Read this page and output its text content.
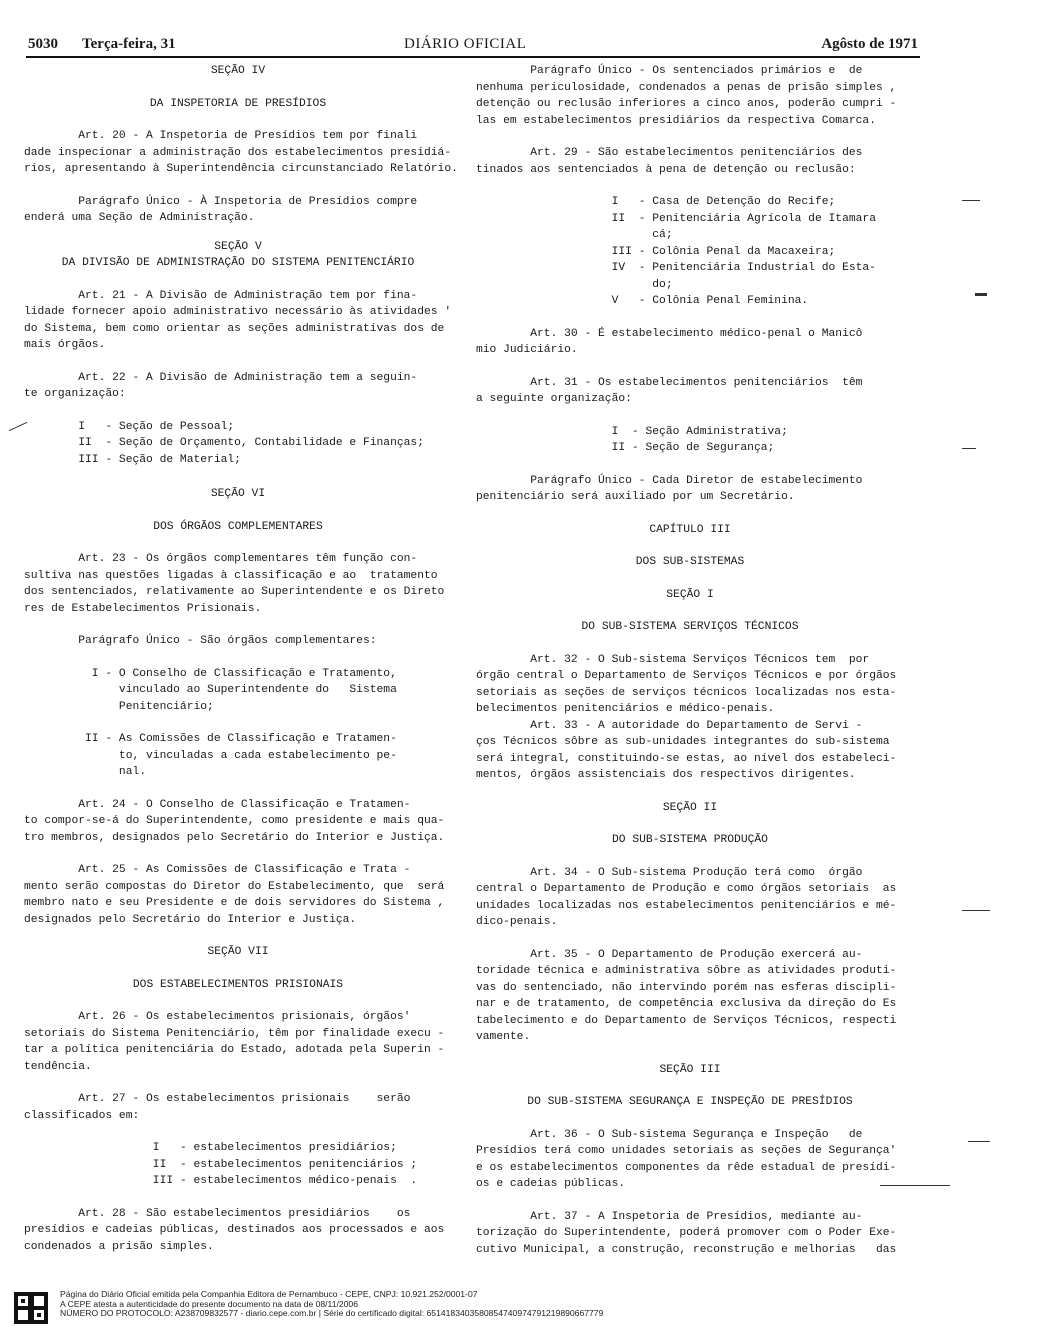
5030 Terça-feira, 31	DIÁRIO OFICIAL	Agôsto de 1971
SEÇÃO IV
DA INSPETORIA DE PRESÍDIOS
Art. 20 - A Inspetoria de Presídios tem por finali
dade inspecionar a administração dos estabelecimentos presidiá-
rios, apresentando à Superintendência circunstanciado Relatório.
Parágrafo Único - À Inspetoria de Presídios compre
enderá uma Seção de Administração.
SEÇÃO V
DA DIVISÃO DE ADMINISTRAÇÃO DO SISTEMA PENITENCIÁRIO
Art. 21 - A Divisão de Administração tem por fina-
lidade fornecer apoio administrativo necessário às atividades '
do Sistema, bem como orientar as seções administrativas dos de
mais órgãos.
Art. 22 - A Divisão de Administração tem a seguin-
te organização:
I   - Seção de Pessoal;
II  - Seção de Orçamento, Contabilidade e Finanças;
III - Seção de Material;
SEÇÃO VI
DOS ÓRGÃOS COMPLEMENTARES
Art. 23 - Os órgãos complementares têm função con-
sultiva nas questões ligadas à classificação e ao  tratamento
dos sentenciados, relativamente ao Superintendente e os Direto
res de Estabelecimentos Prisionais.
Parágrafo Único - São órgãos complementares:
I - O Conselho de Classificação e Tratamento,
vinculado ao Superintendente do   Sistema
Penitenciário;
II - As Comissões de Classificação e Tratamen-
to, vinculadas a cada estabelecimento pe-
nal.
Art. 24 - O Conselho de Classificação e Tratamen-
to compor-se-á do Superintendente, como presidente e mais qua-
tro membros, designados pelo Secretário do Interior e Justiça.
Art. 25 - As Comissões de Classificação e Trata -
mento serão compostas do Diretor do Estabelecimento, que  será
membro nato e seu Presidente e de dois servidores do Sistema ,
designados pelo Secretário do Interior e Justiça.
SEÇÃO VII
DOS ESTABELECIMENTOS PRISIONAIS
Art. 26 - Os estabelecimentos prisionais, órgãos'
setoriais do Sistema Penitenciário, têm por finalidade execu -
tar a política penitenciária do Estado, adotada pela Superin -
tendência.
Art. 27 - Os estabelecimentos prisionais    serão
classificados em:
I   - estabelecimentos presidiários;
II  - estabelecimentos penitenciários ;
III - estabelecimentos médico-penais  .
Art. 28 - São estabelecimentos presidiários    os
presídios e cadeias públicas, destinados aos processados e aos
condenados a prisão simples.
Parágrafo Único - Os sentenciados primários e  de
nenhuma periculosidade, condenados a penas de prisão simples ,
detenção ou reclusão inferiores a cinco anos, poderão cumpri -
las em estabelecimentos presidiários da respectiva Comarca.
Art. 29 - São estabelecimentos penitenciários des
tinados aos sentenciados à pena de detenção ou reclusão:
I   - Casa de Detenção do Recife;
II  - Penitenciária Agrícola de Itamara
cá;
III - Colônia Penal da Macaxeira;
IV  - Penitenciária Industrial do Esta-
do;
V   - Colônia Penal Feminina.
Art. 30 - É estabelecimento médico-penal o Manicô
mio Judiciário.
Art. 31 - Os estabelecimentos penitenciários  têm
a seguinte organização:
I  - Seção Administrativa;
II - Seção de Segurança;
Parágrafo Único - Cada Diretor de estabelecimento
penitenciário será auxiliado por um Secretário.
CAPÍTULO III
DOS SUB-SISTEMAS
SEÇÃO I
DO SUB-SISTEMA SERVIÇOS TÉCNICOS
Art. 32 - O Sub-sistema Serviços Técnicos tem  por
órgão central o Departamento de Serviços Técnicos e por órgãos
setoriais as seções de serviços técnicos localizadas nos esta-
belecimentos penitenciários e médico-penais.
Art. 33 - A autoridade do Departamento de Servi -
ços Técnicos sôbre as sub-unidades integrantes do sub-sistema
será integral, constituindo-se estas, ao nível dos estabeleci-
mentos, órgãos assistenciais dos respectivos dirigentes.
SEÇÃO II
DO SUB-SISTEMA PRODUÇÃO
Art. 34 - O Sub-sistema Produção terá como  órgão
central o Departamento de Produção e como órgãos setoriais  as
unidades localizadas nos estabelecimentos penitenciários e mé-
dico-penais.
Art. 35 - O Departamento de Produção exercerá au-
toridade técnica e administrativa sôbre as atividades produti-
vas do sentenciado, não intervindo porém nas esferas discipli-
nar e de tratamento, de competência exclusiva da direção do Es
tabelecimento e do Departamento de Serviços Técnicos, respecti
vamente.
SEÇÃO III
DO SUB-SISTEMA SEGURANÇA E INSPEÇÃO DE PRESÍDIOS
Art. 36 - O Sub-sistema Segurança e Inspeção   de
Presídios terá como unidades setoriais as seções de Segurança'
e os estabelecimentos componentes da rêde estadual de presídi-
os e cadeias públicas.
Art. 37 - A Inspetoria de Presídios, mediante au-
torização do Superintendente, poderá promover com o Poder Exe-
cutivo Municipal, a construção, reconstrução e melhorias   das
Página do Diário Oficial emitida pela Companhia Editora de Pernambuco - CEPE, CNPJ: 10.921.252/0001-07
A CEPE atesta a autenticidade do presente documento na data de 08/11/2006
NÚMERO DO PROTOCOLO: A238709832577 - diario.cepe.com.br | Série do certificado digital: 6514183403580854740974791219890667779
